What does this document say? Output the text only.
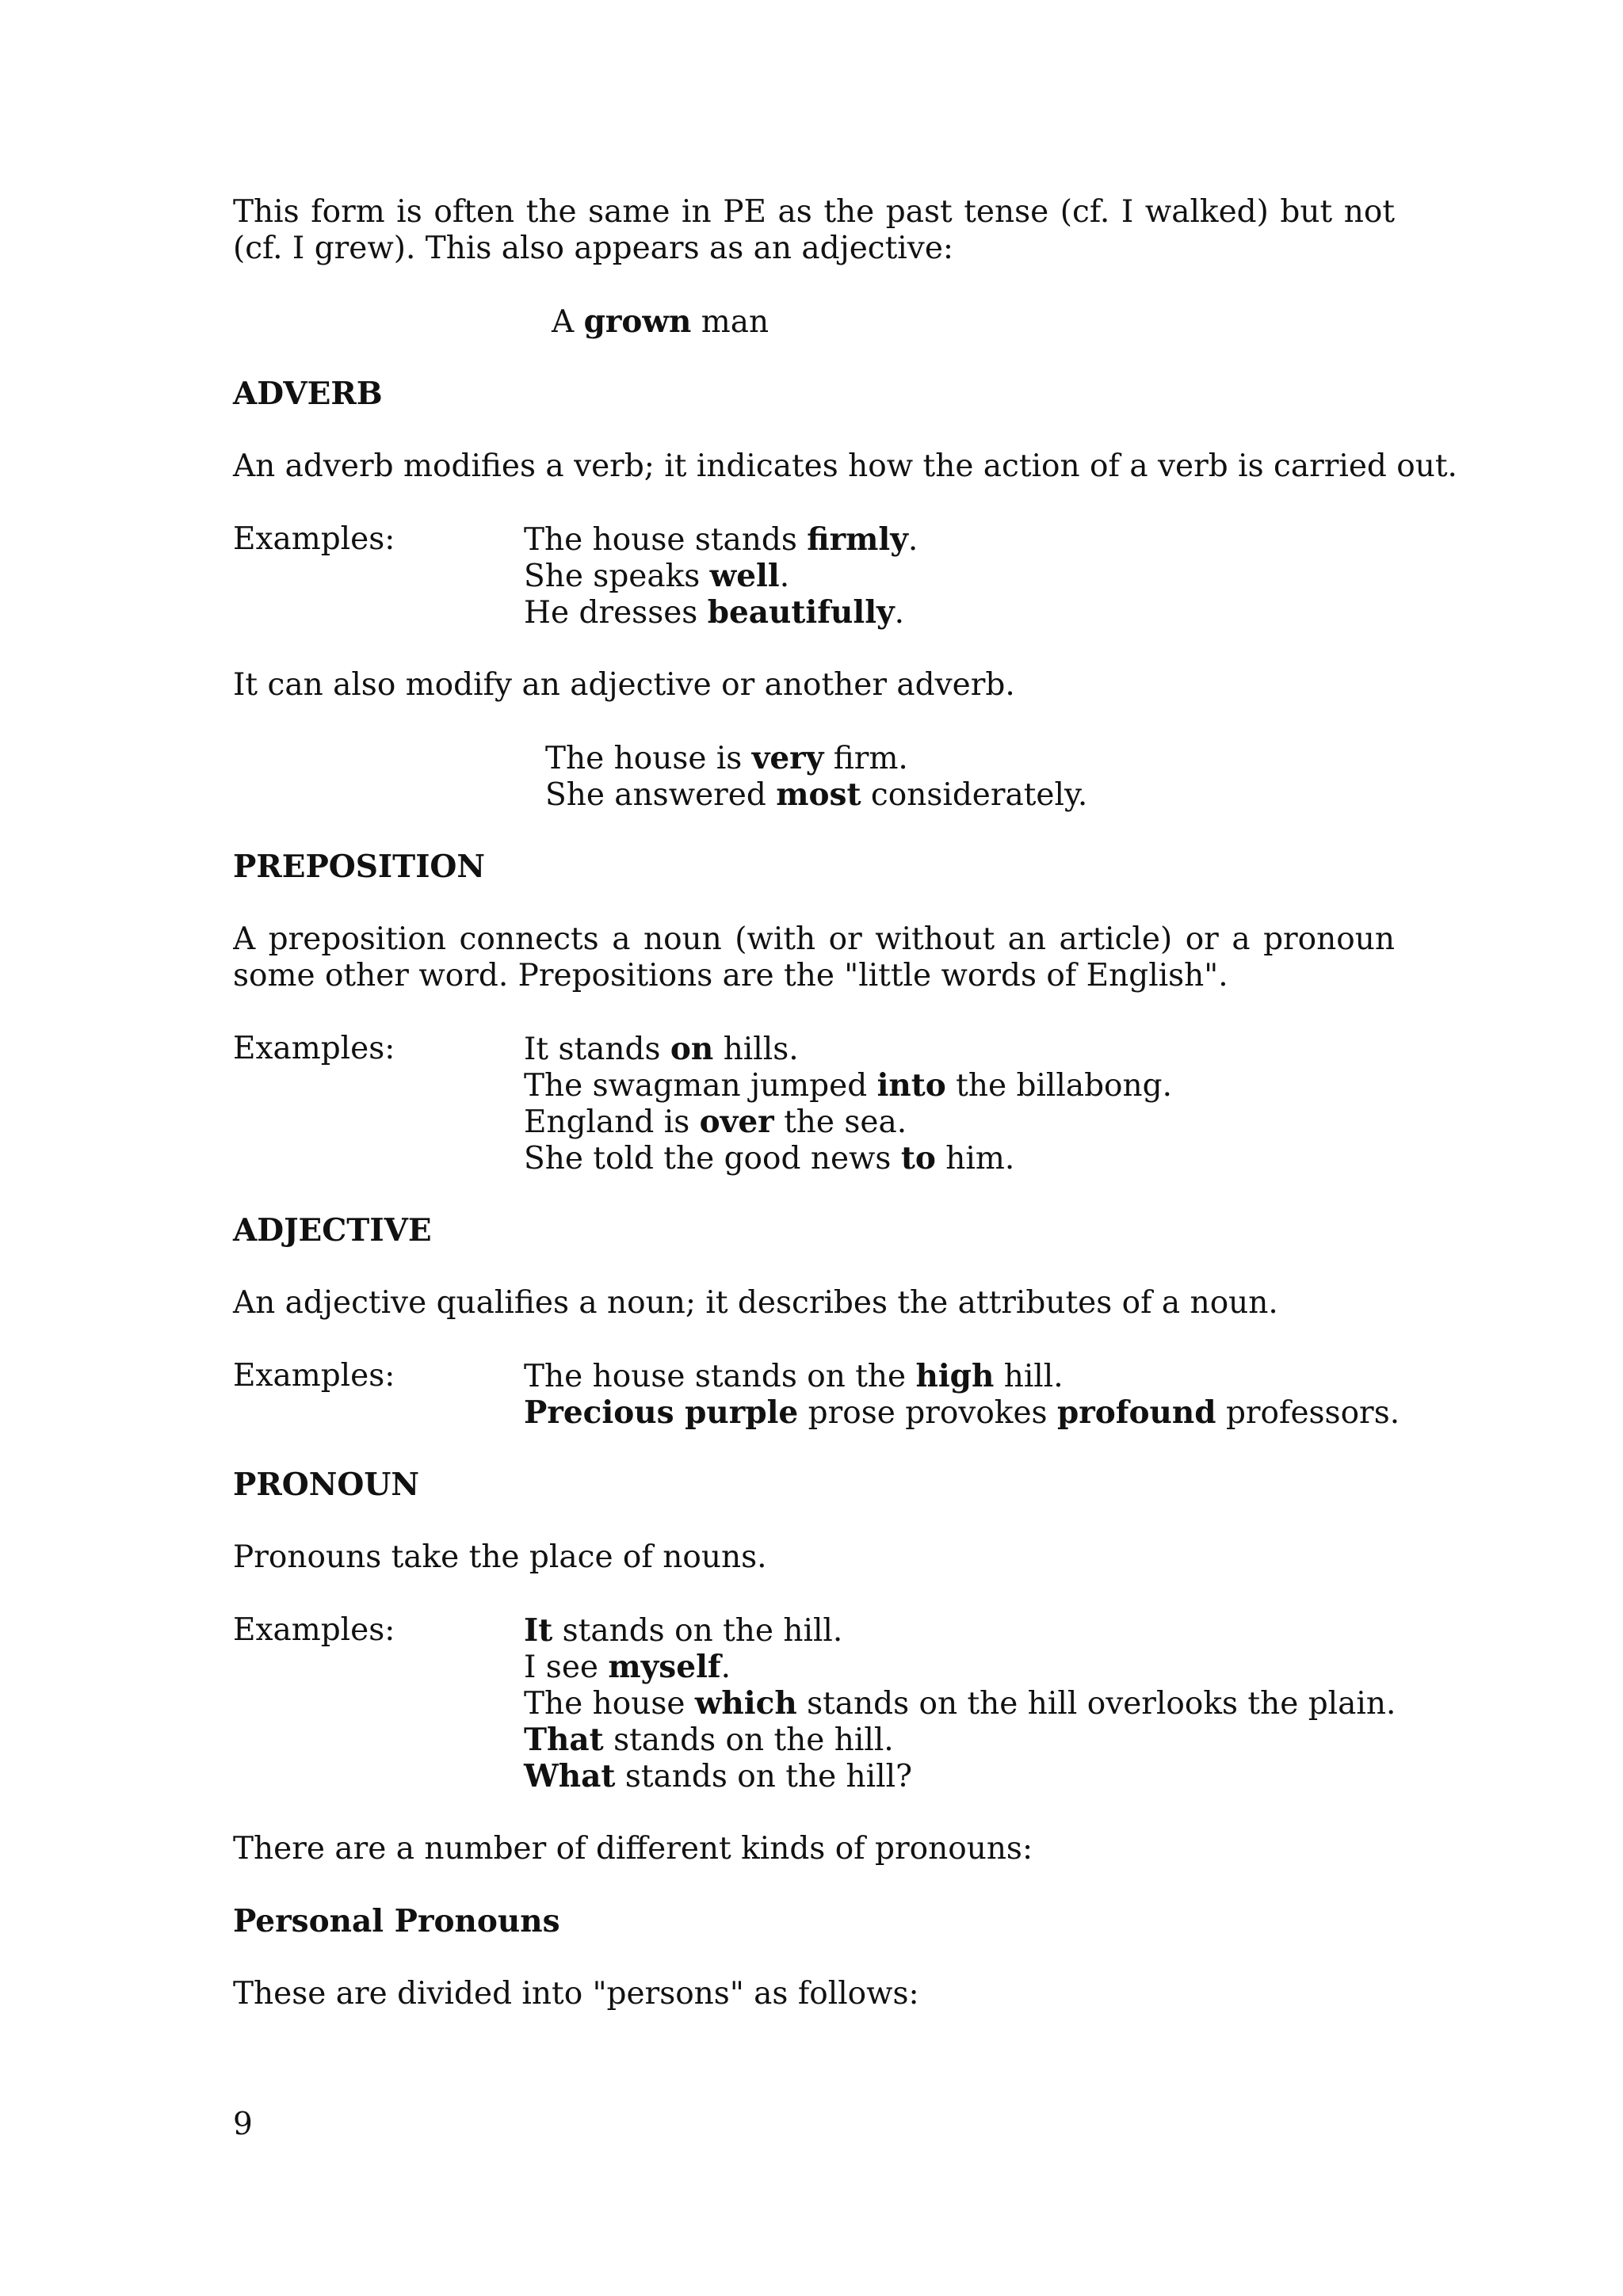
This form is often the same in PE as the past tense (cf. I walked) but not

(cf. I grew). This also appears as an adjective:

A grown man

ADVERB

An adverb modifies a verb; it indicates how the action of a verb is carried out.

Examples:	The house stands firmly.

She speaks well.

He dresses beautifully.

It can also modify an adjective or another adverb.

The house is very firm.

She answered most considerately.

PREPOSITION

A preposition connects a noun (with or without an article) or a pronoun

some other word. Prepositions are the "little words of English".

Examples:	It stands on hills.

The swagman jumped into the billabong.

England is over the sea.

She told the good news to him.

ADJECTIVE

An adjective qualifies a noun; it describes the attributes of a noun.

Examples:	The house stands on the high hill.

Precious purple prose provokes profound professors.

PRONOUN

Pronouns take the place of nouns.

Examples:	It stands on the hill.

I see myself.

The house which stands on the hill overlooks the plain.

That stands on the hill.

What stands on the hill?

There are a number of different kinds of pronouns:

Personal Pronouns

These are divided into "persons" as follows:

9
